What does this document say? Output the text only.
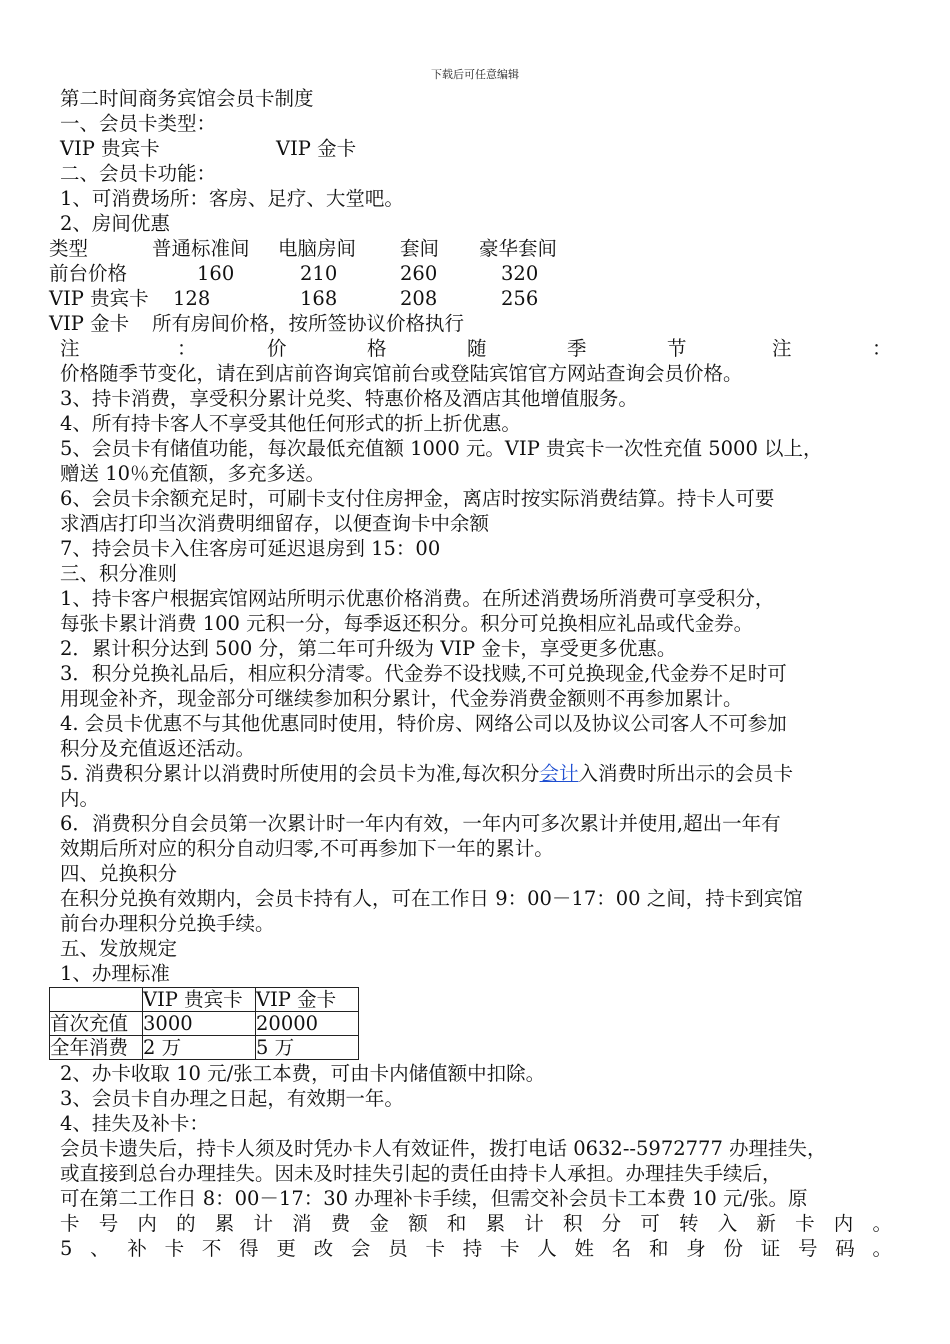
下载后可任意编辑
第二时间商务宾馆会员卡制度
一、会员卡类型：
VIP 贵宾卡	VIP 金卡
二、会员卡功能：
1、可消费场所：客房、足疗、大堂吧。
2、房间优惠
类型	普通标准间 电脑房间 套间 豪华套间
前台价格	160	210	260	320
VIP 贵宾卡 128	168	208	256
VIP 金卡 所有房间价格，按所签协议价格执行
注	：	价	格	随	季	节	注	：
价格随季节变化，请在到店前咨询宾馆前台或登陆宾馆官方网站查询会员价格。
3、持卡消费，享受积分累计兑奖、特惠价格及酒店其他增值服务。
4、所有持卡客人不享受其他任何形式的折上折优惠。
5、会员卡有储值功能，每次最低充值额 1000 元。VIP 贵宾卡一次性充值 5000 以上，
赠送 10％充值额，多充多送。
6、会员卡余额充足时，可刷卡支付住房押金，离店时按实际消费结算。持卡人可要
求酒店打印当次消费明细留存，以便查询卡中余额
7、持会员卡入住客房可延迟退房到 15：00
三、积分准则
1、持卡客户根据宾馆网站所明示优惠价格消费。在所述消费场所消费可享受积分，
每张卡累计消费 100 元积一分，每季返还积分。积分可兑换相应礼品或代金券。
2．累计积分达到 500 分，第二年可升级为 VIP 金卡，享受更多优惠。
3．积分兑换礼品后，相应积分清零。代金券不设找赎,不可兑换现金,代金券不足时可
用现金补齐，现金部分可继续参加积分累计，代金券消费金额则不再参加累计。
4. 会员卡优惠不与其他优惠同时使用，特价房、网络公司以及协议公司客人不可参加
积分及充值返还活动。
5. 消费积分累计以消费时所使用的会员卡为准,每次积分会计入消费时所出示的会员卡
内。
6．消费积分自会员第一次累计时一年内有效，一年内可多次累计并使用,超出一年有
效期后所对应的积分自动归零,不可再参加下一年的累计。
四、兑换积分
在积分兑换有效期内，会员卡持有人，可在工作日 9：00－17：00 之间，持卡到宾馆
前台办理积分兑换手续。
五、发放规定
1、办理标准
	VIP 贵宾卡	VIP 金卡
首次充值	3000	20000
全年消费	2 万	5 万
2、办卡收取 10 元/张工本费，可由卡内储值额中扣除。
3、会员卡自办理之日起，有效期一年。
4、挂失及补卡：
会员卡遗失后，持卡人须及时凭办卡人有效证件，拨打电话 0632--5972777 办理挂失，
或直接到总台办理挂失。因未及时挂失引起的责任由持卡人承担。办理挂失手续后，
可在第二工作日 8：00－17：30 办理补卡手续，但需交补会员卡工本费 10 元/张。原
卡号内的累计消费金额和累计积分可转入新卡内。
5、补卡不得更改会员卡持卡人姓名和身份证号码。
